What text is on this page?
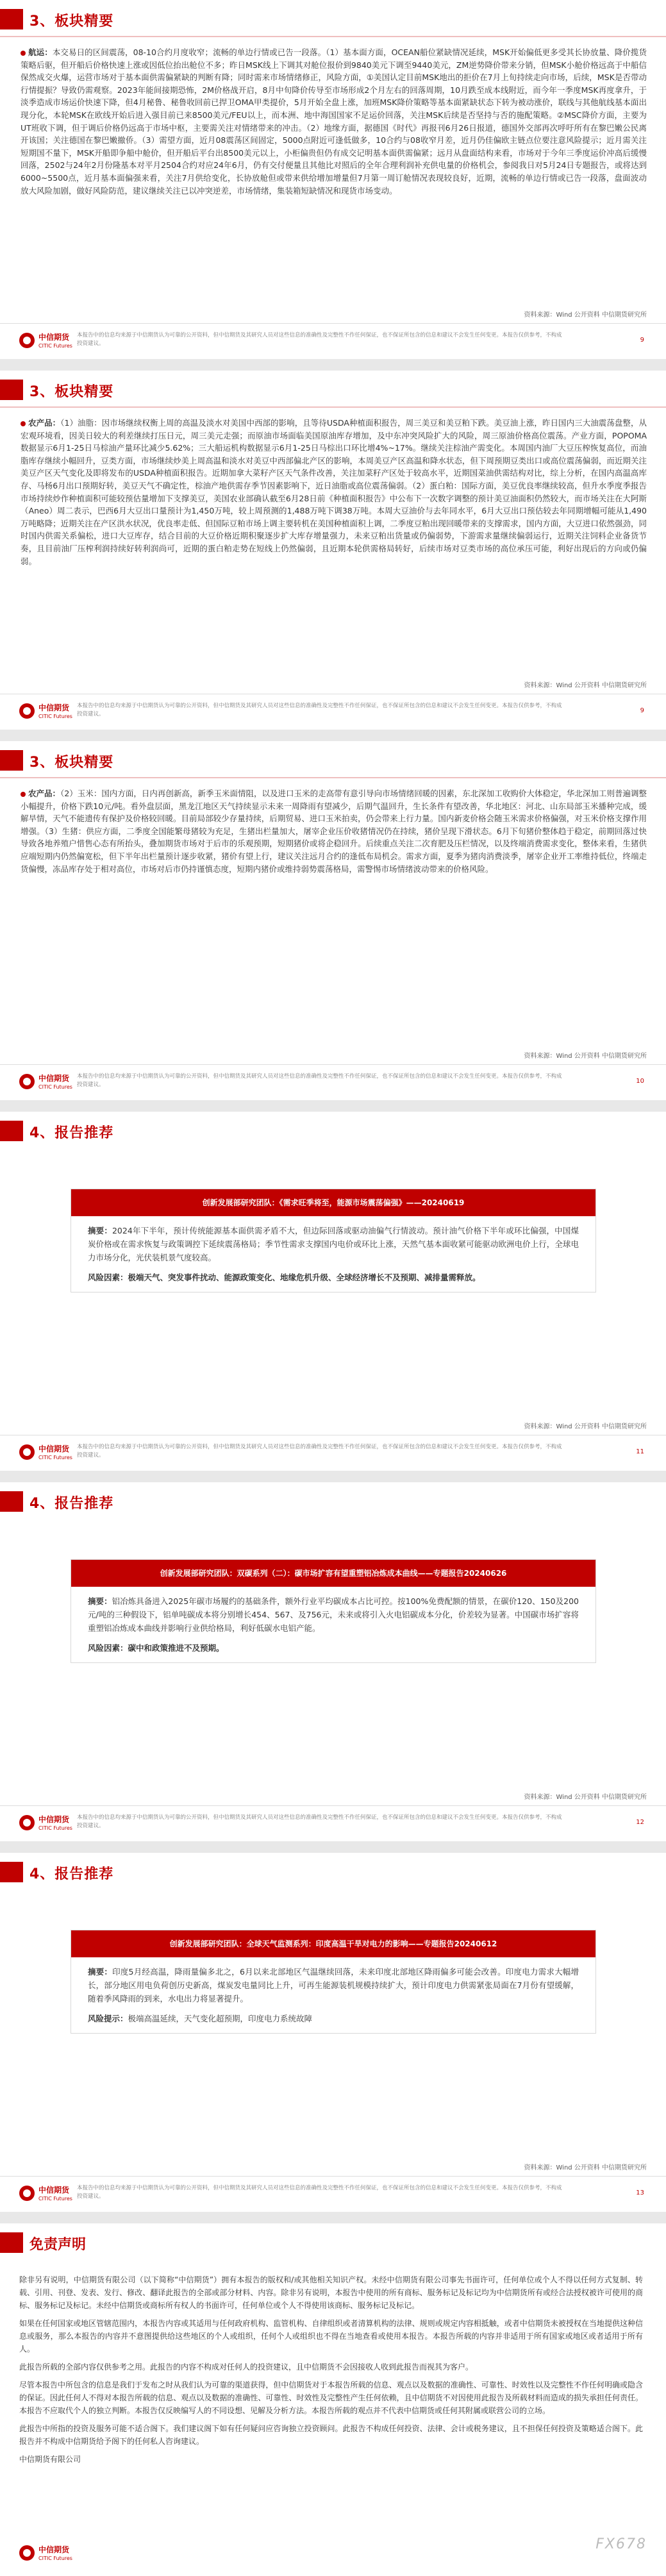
3、板块精要
航运：本交易日的区间震荡，08-10合约月度收窄；流畅的单边行情或已告一段落。（1）基本面方面，OCEAN船位紧缺情况延续，MSK开始偏低更多受其长协放量、降价揽货策略后驱，但开船后价格快速上涨或因低位抬出舱位不多；昨日MSK线上下调其对舱位报价到9840美元下调至9440美元，ZM逆势降价带来分销，但MSK小舱价格远高于中船信保然成交火爆，运营市场对于基本面供需偏紧缺的判断有降；同时需来市场情绪修正，风险方面，①美国认定目前MSK地出的拒价在7月上旬持续走向市场，后续，MSK是否带动行情提振？导致仍需观察。2023年能间接期恐怖，2M价格战开启，8月中旬降价传导至市场形成2个月左右的回落周期，10月跌至成本线附近，而今年一季度MSK再度拿升，于淡季造成市场运价快速下降，但4月秘鲁、秘鲁收回前已捍卫OMA甲类提价，5月开始全盘上涨，加班MSK降价策略等基本面紧缺状态下转为被动涨价，联线与其他航线基本面出现分化，本轮MSK在欧线开始后进入强目前已来8500美元/FEU以上，而本洲、地中海国国家不足运价回落，关注MSK后续是否坚持与否的施配策略。②MSC降价方面，主要为UT班收下调，但于调后价格仍远高于市场中枢，主要需关注对情绪带来的冲击。（2）地缘方面，据德国《时代》再报刊6月26日报道，德国外交部再次呼吁所有在黎巴嫩公民离开该国；关注德国在黎巴嫩撤侨。（3）需望方面，近月08震荡区间固定，5000点附近可逢低做多，10合约与08收窄月差，近月仍佳偏欧主链点位要注意风险提示；近月需关注短期国不量下，MSK开船即争船中舱价，但开船后平台出8500美元以上，小柜偏贵但仍有成交记明基本面供需偏紧；远月从盘面结构来看，市场对于今年三季度运价冲高后缓慢回落，2502与24年2月份隆基本对平月2504合约对应24年6月，仍有交付便量且其他比对照后的全年合理利润补充供电量的价格机会，参阅我日对5月24日专题报告，或将达到6000~5500点，近月基本面偏强来看，关注7月供给变化，长协放舱但或带来供给增加增量但7月第一周订舱情况表现较良好，近期，流畅的单边行情或已告一段落，盘面波动放大风险加剧，做好风险防范，建议继续关注已以冲突逆差，市场情绪，集装箱短缺情况和现货市场变动。
资料来源：Wind 公开资料 中信期货研究所
中信期货
CITIC Futures
本报告中的信息均来源于中信期货认为可靠的公开资料，但中信期货及其研究人员对这些信息的准确性及完整性不作任何保证，也不保证所包含的信息和建议不会发生任何变更。本报告仅供参考，不构成投资建议。	9
3、板块精要
农产品：（1）油脂：因市场继续权衡上周的高温及淡水对美国中西部的影响，且等待USDA种植面积报告，周三美豆和美豆粕下跌。美豆油上涨，昨日国内三大油震荡盘整，从宏观环境看，因美日较大的利差继续打压日元，周三美元走强；而原油市场面临美国原油库存增加，及中东冲突风险扩大的风险，周三原油价格高位震荡。产业方面，POPOMA数据显示6月1-25日马棕油产量环比减少5.62%；三大船运机构数据显示6月1-25日马棕出口环比增4%~17%。继续关注棕油产需变化。本周国内油厂大豆压榨恢复高位，而油脂库存继续小幅回升，豆类方面，市场继续炒美上周高温和淡水对美豆中西部偏北产区的影响，本周美豆产区高温和降水状态，但下周预期豆类出口或高位震荡偏弱，而近期关注美豆产区天气变化及即将发布的USDA种植面积报告。近期加拿大菜籽产区天气条件改善，关注加菜籽产区处于较高水平，近期国菜油供需结构对比，综上分析，在国内高温高库存、马杨6月出口预期好转，美豆天气不确定性，棕油产地供需存季节因素影响下，近日油脂或高位震荡偏弱。（2）蛋白粕：国际方面，美豆优良率继续较高，但升水季度季报告市场持续炒作种植面积可能较预估量增加下支撑美豆，美国农业部确认截至6月28日前《种植面积报告》中公布下一次数字调整的预计美豆油面积仍然较大，而市场关注在大阿斯（Aneo）周二表示，巴西6月大豆出口量预计为1,450万吨，较上周预测的1,488万吨下调38万吨。本周大豆油价与去年同水平，6月大豆出口预估较去年同期增幅可能从1,490万吨略降；近期关注在产区洪水状况，优良率走低、但国际豆粕市场上调主要转机在美国种植面积上调，二季度豆粕出现回暖带来的支撑需求，国内方面，大豆进口依然强劲，同时国内供需关系偏松，进口大豆库存，结合目前的大豆价格近期积聚逐步扩大库存增量强力，未来豆粕出货量或仍偏弱势，下游需求量继续偏弱运行，近期关注饲料企业备货节奏，且目前油厂压榨利润持续好转利润尚可，近期的蛋白粕走势在短线上仍然偏弱，且近期本轮供需格局转好，后续市场对豆类市场的高位承压可能，利好出现后的方向或仍偏弱。
资料来源：Wind 公开资料 中信期货研究所
中信期货
CITIC Futures
本报告中的信息均来源于中信期货认为可靠的公开资料，但中信期货及其研究人员对这些信息的准确性及完整性不作任何保证，也不保证所包含的信息和建议不会发生任何变更。本报告仅供参考，不构成投资建议。	9
3、板块精要
农产品：（2）玉米：国内方面，日内再创新高，新季玉米面情阻，以及进口玉米的走高带有意引导向市场情绪回暖的因素，东北深加工收购价大体稳定，华北深加工则普遍调整小幅提升，价格下跌10元/吨。看外盘层面，黑龙江地区天气持续显示未来一周降雨有望减少，后期气温回升，生长条件有望改善，华北地区：河北、山东局部玉米播种完成，缓解旱情，天气不能遗传有保护及价格较回暖。目前局部较少存量持续，后期贸易、进口玉米拍卖，仍会带来上行力量。国内新麦价格会随玉米需求价格偏强，对玉米价格支撑作用增强。（3）生猪：供应方面，二季度全国能繁母猪较为充足，生猪出栏量加大，屠宰企业压价收猪情况仍在持续，猪价呈现下滑状态。6月下旬猪价整体趋于稳定，前期回落过快导致各地养殖户惜售心态有所抬头，叠加期货市场对于后市的乐观预期，短期猪价或将企稳回升。后续重点关注二次育肥及压栏情况，以及终端消费需求变化，整体来看，生猪供应端短期内仍然偏宽松，但下半年出栏量预计逐步收紧，猪价有望上行，建议关注远月合约的逢低布局机会。需求方面，夏季为猪肉消费淡季，屠宰企业开工率维持低位，终端走货偏慢，冻品库存处于相对高位，市场对后市仍持谨慎态度，短期内猪价或维持弱势震荡格局，需警惕市场情绪波动带来的价格风险。
资料来源：Wind 公开资料 中信期货研究所
中信期货
CITIC Futures
本报告中的信息均来源于中信期货认为可靠的公开资料，但中信期货及其研究人员对这些信息的准确性及完整性不作任何保证，也不保证所包含的信息和建议不会发生任何变更。本报告仅供参考，不构成投资建议。	10
4、报告推荐
创新发展部研究团队：《需求旺季将至，能源市场震荡偏强》——20240619
摘要：2024年下半年，预计传统能源基本面供需矛盾不大，但边际回落或驱动油偏气行情波动。预计油气价格下半年或环比偏强，中国煤炭价格或在需求恢复与政策调控下延续震荡格局；季节性需求支撑国内电价或环比上涨，天然气基本面收紧可能驱动欧洲电价上行，全球电力市场分化，光伏装机景气度较高。
风险因素：极端天气、突发事件扰动、能源政策变化、地缘危机升级、全球经济增长不及预期、减排量需释放。
资料来源：Wind 公开资料 中信期货研究所
中信期货
CITIC Futures
本报告中的信息均来源于中信期货认为可靠的公开资料，但中信期货及其研究人员对这些信息的准确性及完整性不作任何保证，也不保证所包含的信息和建议不会发生任何变更。本报告仅供参考，不构成投资建议。	11
4、报告推荐
创新发展部研究团队：双碳系列（二）：碳市场扩容有望重塑铝冶炼成本曲线——专题报告20240626
摘要：铝冶炼具备进入2025年碳市场履约的基础条件，额外行业平均碳成本占比可控。按100%免费配额的情景，在碳价120、150及200元/吨的三种假设下，铝单吨碳成本将分别增长454、567、及756元，未来或将引入火电铝碳成本分化，价差较为显著。中国碳市场扩容将重塑铝冶炼成本曲线并影响行业供给格局，利好低碳水电铝产能。
风险因素：碳中和政策推进不及预期。
资料来源：Wind 公开资料 中信期货研究所
中信期货
CITIC Futures
本报告中的信息均来源于中信期货认为可靠的公开资料，但中信期货及其研究人员对这些信息的准确性及完整性不作任何保证，也不保证所包含的信息和建议不会发生任何变更。本报告仅供参考，不构成投资建议。	12
4、报告推荐
创新发展部研究团队：全球天气监测系列：印度高温干旱对电力的影响——专题报告20240612
摘要：印度5月经高温，降雨量偏多北之，6月以来北部地区气温继续回落，未来印度北部地区降雨偏多可能会改善。印度电力需求大幅增长，部分地区用电负荷创历史新高，煤炭发电量同比上升，可再生能源装机规模持续扩大，预计印度电力供需紧张局面在7月份有望缓解，随着季风降雨的到来，水电出力将显著提升。
风险提示：极端高温延续，天气变化超预期，印度电力系统故障
资料来源：Wind 公开资料 中信期货研究所
中信期货
CITIC Futures
本报告中的信息均来源于中信期货认为可靠的公开资料，但中信期货及其研究人员对这些信息的准确性及完整性不作任何保证，也不保证所包含的信息和建议不会发生任何变更。本报告仅供参考，不构成投资建议。	13
免责声明

除非另有说明，中信期货有限公司（以下简称“中信期货”）拥有本报告的版权和/或其他相关知识产权。未经中信期货有限公司事先书面许可，任何单位或个人不得以任何方式复制、转载、引用、刊登、发表、发行、修改、翻译此报告的全部或部分材料、内容。除非另有说明，本报告中使用的所有商标、服务标记及标记均为中信期货所有或经合法授权被许可使用的商标、服务标记及标记。未经中信期货或商标所有权人的书面许可，任何单位或个人不得使用该商标、服务标记及标记。

如果在任何国家或地区管辖范围内，本报告内容或其适用与任何政府机构、监管机构、自律组织或者清算机构的法律、规则或规定内容相抵触，或者中信期货未被授权在当地提供这种信息或服务，那么本报告的内容并不意图提供给这些地区的个人或组织，任何个人或组织也不得在当地查看或使用本报告。本报告所载的内容并非适用于所有国家或地区或者适用于所有人。

此报告所载的全部内容仅供参考之用。此报告的内容不构成对任何人的投资建议，且中信期货不会因接收人收到此报告而视其为客户。

尽管本报告中所包含的信息是我们于发布之时从我们认为可靠的渠道获得，但中信期货对于本报告所载的信息、观点以及数据的准确性、可靠性、时效性以及完整性不作任何明确或隐含的保证。因此任何人不得对本报告所载的信息、观点以及数据的准确性、可靠性、时效性及完整性产生任何依赖，且中信期货不对因使用此报告及所载材料而造成的损失承担任何责任。本报告不应取代个人的独立判断。本报告仅反映编写人的不同设想、见解及分析方法。本报告所载的观点并不代表中信期货或任何其附属或联营公司的立场。

此报告中所指的投资及服务可能不适合阁下。我们建议阁下如有任何疑问应咨询独立投资顾问。此报告不构成任何投资、法律、会计或税务建议，且不担保任何投资及策略适合阁下。此报告并不构成中信期货给予阁下的任何私人咨询建议。

中信期货有限公司

FX678
中信期货
CITIC Futures
